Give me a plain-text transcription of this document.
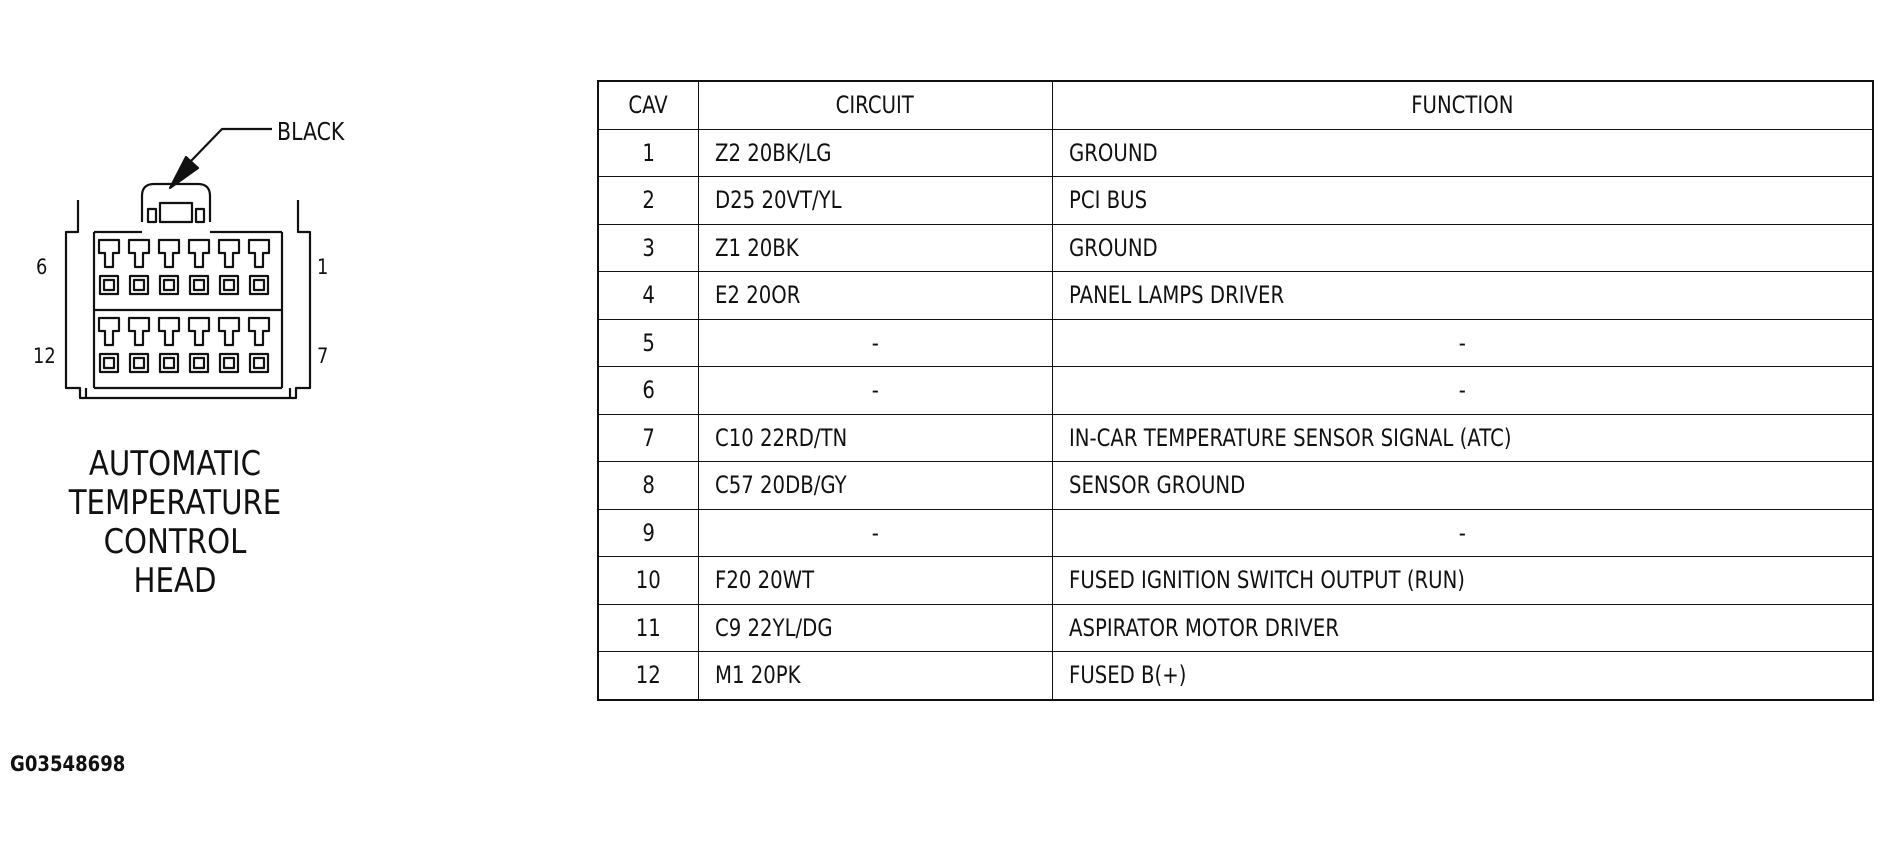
BLACK
6	1
12	7
AUTOMATIC
TEMPERATURE
CONTROL
HEAD
CAV	CIRCUIT	FUNCTION
1	Z2 20BK/LG	GROUND
2	D25 20VT/YL	PCI BUS
3	Z1 20BK	GROUND
4	E2 20OR	PANEL LAMPS DRIVER
5	-	-
6	-	-
7	C10 22RD/TN	IN-CAR TEMPERATURE SENSOR SIGNAL (ATC)
8	C57 20DB/GY	SENSOR GROUND
9	-	-
10	F20 20WT	FUSED IGNITION SWITCH OUTPUT (RUN)
11	C9 22YL/DG	ASPIRATOR MOTOR DRIVER
12	M1 20PK	FUSED B(+)
G03548698
